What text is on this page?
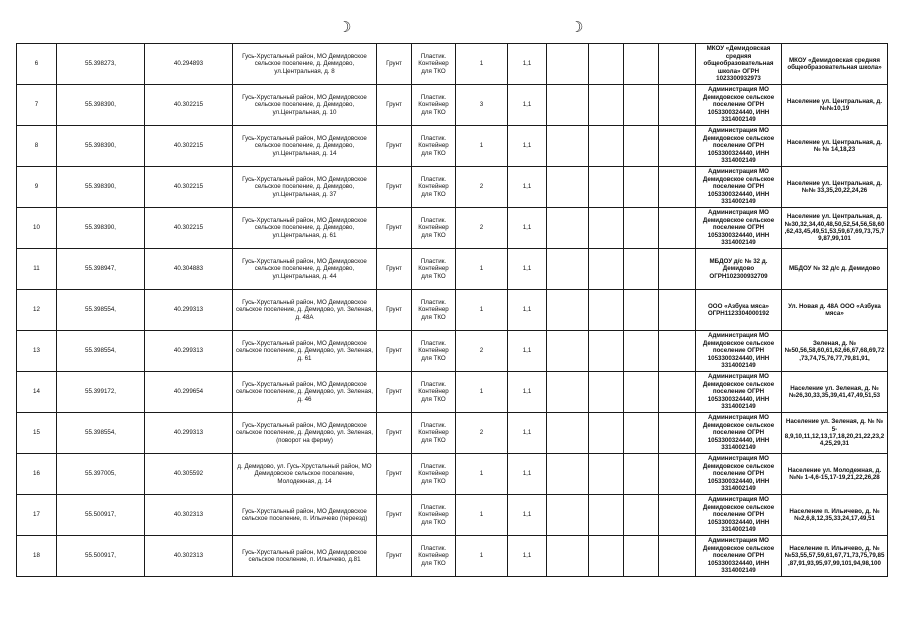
☽	☽
6	55.398273,	40.294893	Гусь-Хрустальный район, МО Демидовское сельское поселение, д. Демидово, ул.Центральная, д. 8	Грунт	Пластик. Контейнер для ТКО	1	1,1					МКОУ «Демидовская средняя общеобразовательная школа» ОГРН 1023300932973	МКОУ «Демидовская средняя общеобразовательная школа»
7	55.398390,	40.302215	Гусь-Хрустальный район, МО Демидовское сельское поселение, д. Демидово, ул.Центральная, д. 10	Грунт	Пластик. Контейнер для ТКО	3	1,1					Администрация МО Демидовское сельское поселение ОГРН 1053300324440, ИНН 3314002149	Население ул. Центральная, д. №№10,19
8	55.398390,	40.302215	Гусь-Хрустальный район, МО Демидовское сельское поселение, д. Демидово, ул.Центральная, д. 14	Грунт	Пластик. Контейнер для ТКО	1	1,1					Администрация МО Демидовское сельское поселение ОГРН 1053300324440, ИНН 3314002149	Население ул. Центральная, д. № № 14,18,23
9	55.398390,	40.302215	Гусь-Хрустальный район, МО Демидовское сельское поселение, д. Демидово, ул.Центральная, д. 37	Грунт	Пластик. Контейнер для ТКО	2	1,1					Администрация МО Демидовское сельское поселение ОГРН 1053300324440, ИНН 3314002149	Население ул. Центральная, д. №№ 33,35,20,22,24,26
10	55.398390,	40.302215	Гусь-Хрустальный район, МО Демидовское сельское поселение, д. Демидово, ул.Центральная, д. 61	Грунт	Пластик. Контейнер для ТКО	2	1,1					Администрация МО Демидовское сельское поселение ОГРН 1053300324440, ИНН 3314002149	Население ул. Центральная, д. №30,32,34,40,48,50,52,54,56,58,60,62,43,45,49,51,53,59,67,69,73,75,79,87,99,101
11	55.398947,	40.304883	Гусь-Хрустальный район, МО Демидовское сельское поселение, д. Демидово, ул.Центральная, д. 44	Грунт	Пластик. Контейнер для ТКО	1	1,1					МБДОУ д/с № 32 д. Демидово ОГРН102300932709	МБДОУ № 32 д/с д. Демидово
12	55.398554,	40.299313	Гусь-Хрустальный район, МО Демидовское сельское поселение, д. Демидово, ул. Зеленая, д. 48А	Грунт	Пластик. Контейнер для ТКО	1	1,1					ООО «Азбука мяса» ОГРН1123304000192	Ул. Новая д. 48А ООО «Азбука мяса»
13	55.398554,	40.299313	Гусь-Хрустальный район, МО Демидовское сельское поселение, д. Демидово, ул. Зеленая, д. 61	Грунт	Пластик. Контейнер для ТКО	2	1,1					Администрация МО Демидовское сельское поселение ОГРН 1053300324440, ИНН 3314002149	Зеленая, д. № №50,56,58,60,61,62,66,67,68,69,72,73,74,75,76,77,79,81,91,
14	55.399172,	40.299654	Гусь-Хрустальный район, МО Демидовское сельское поселение, д. Демидово, ул. Зеленая, д. 46	Грунт	Пластик. Контейнер для ТКО	1	1,1					Администрация МО Демидовское сельское поселение ОГРН 1053300324440, ИНН 3314002149	Население ул. Зеленая, д. № №26,30,33,35,39,41,47,49,51,53
15	55.398554,	40.299313	Гусь-Хрустальный район, МО Демидовское сельское поселение, д. Демидово, ул. Зеленая, (поворот на ферму)	Грунт	Пластик. Контейнер для ТКО	2	1,1					Администрация МО Демидовское сельское поселение ОГРН 1053300324440, ИНН 3314002149	Население ул. Зеленая, д. № № 5-8,9,10,11,12,13,17,18,20,21,22,23,24,25,29,31
16	55.397005,	40.305592	д. Демидово, ул. Гусь-Хрустальный район, МО Демидовское сельское поселение, Молодежная, д. 14	Грунт	Пластик. Контейнер для ТКО	1	1,1					Администрация МО Демидовское сельское поселение ОГРН 1053300324440, ИНН 3314002149	Население ул. Молодежная, д. №№ 1-4,6-15,17-19,21,22,26,28
17	55.500917,	40.302313	Гусь-Хрустальный район, МО Демидовское сельское поселение, п. Ильичево (переезд)	Грунт	Пластик. Контейнер для ТКО	1	1,1					Администрация МО Демидовское сельское поселение ОГРН 1053300324440, ИНН 3314002149	Население п. Ильичево, д. № №2,6,8,12,35,33,24,17,49,51
18	55.500917,	40.302313	Гусь-Хрустальный район, МО Демидовское сельское поселение, п. Ильичево, д.81	Грунт	Пластик. Контейнер для ТКО	1	1,1					Администрация МО Демидовское сельское поселение ОГРН 1053300324440, ИНН 3314002149	Население п. Ильичево, д. № №53,55,57,59,61,67,71,73,75,79,85,87,91,93,95,97,99,101,94,98,100
